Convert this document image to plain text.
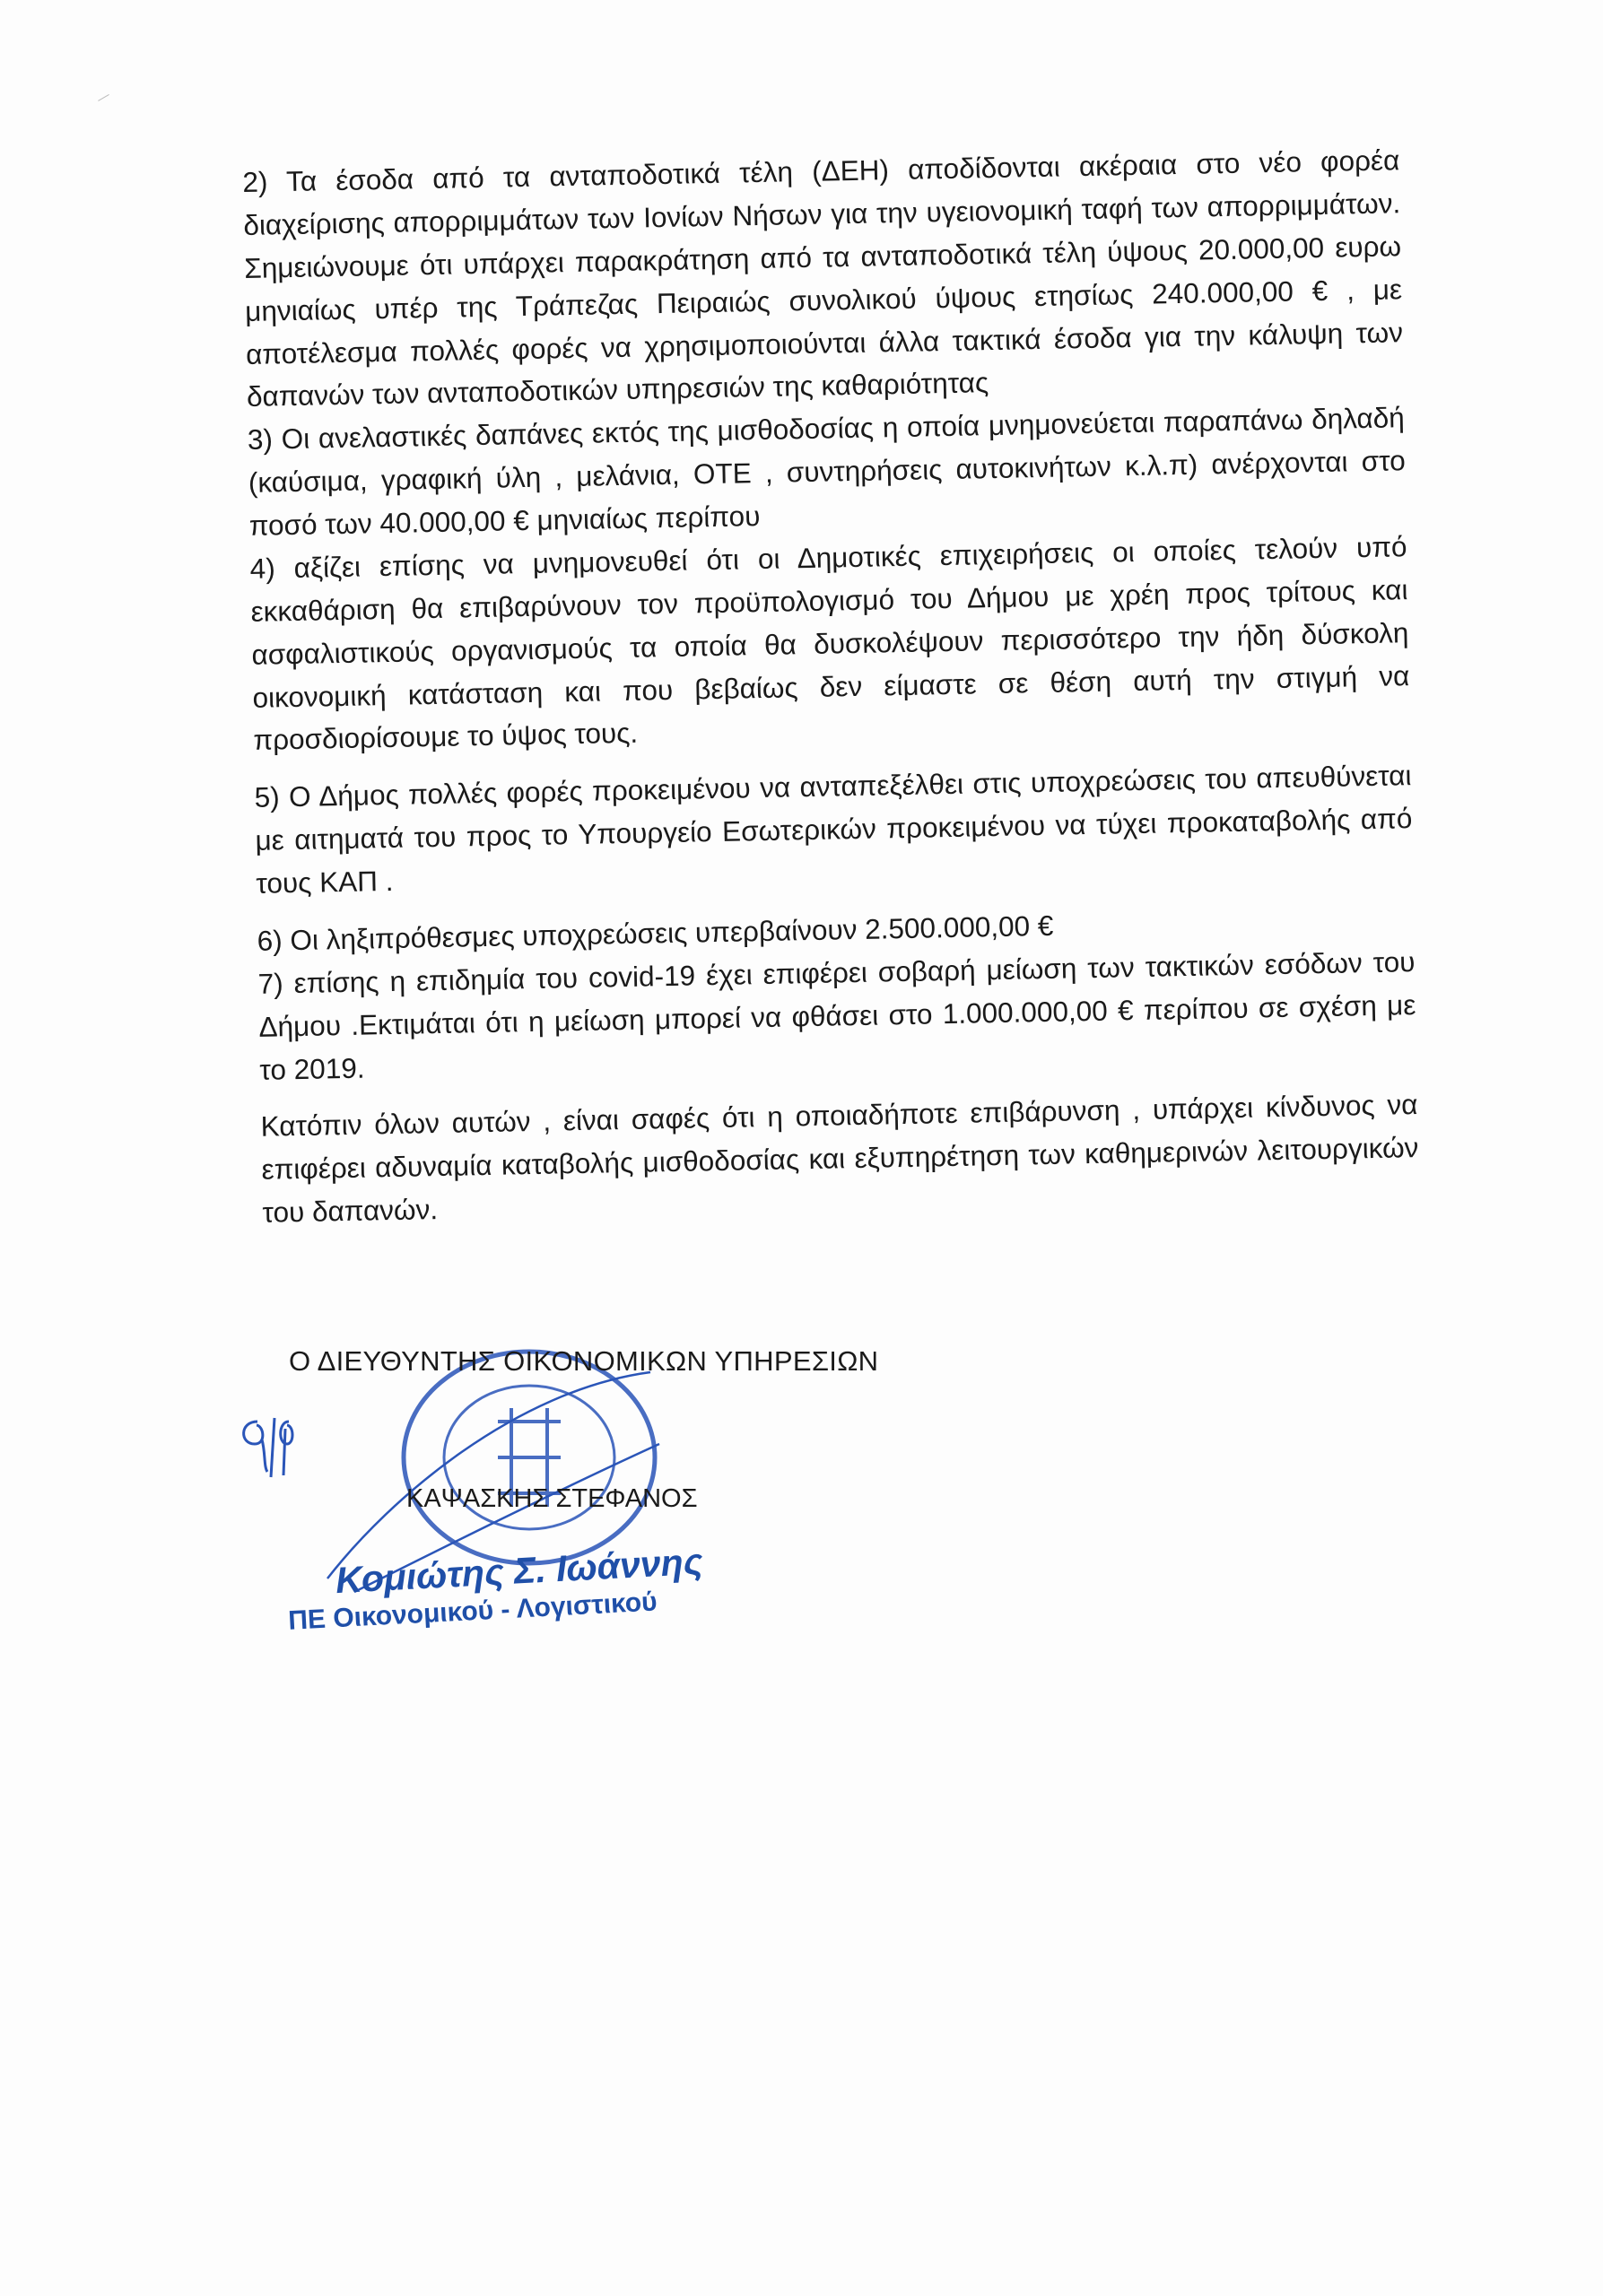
2) Τα έσοδα από τα ανταποδοτικά τέλη (ΔΕΗ) αποδίδονται ακέραια στο νέο φορέα διαχείρισης απορριμμάτων των Ιονίων Νήσων για την υγειονομική ταφή των απορριμμάτων. Σημειώνουμε ότι υπάρχει παρακράτηση από τα ανταποδοτικά τέλη ύψους 20.000,00 ευρω μηνιαίως υπέρ της Τράπεζας Πειραιώς συνολικού ύψους ετησίως 240.000,00 € , με αποτέλεσμα πολλές φορές να χρησιμοποιούνται άλλα τακτικά έσοδα για την κάλυψη των δαπανών των ανταποδοτικών υπηρεσιών της καθαριότητας

3) Οι ανελαστικές δαπάνες εκτός της μισθοδοσίας η οποία μνημονεύεται παραπάνω δηλαδή (καύσιμα, γραφική ύλη , μελάνια, ΟΤΕ , συντηρήσεις αυτοκινήτων κ.λ.π) ανέρχονται στο ποσό των 40.000,00 € μηνιαίως περίπου

4) αξίζει επίσης να μνημονευθεί ότι οι Δημοτικές επιχειρήσεις οι οποίες τελούν υπό εκκαθάριση θα επιβαρύνουν τον προϋπολογισμό του Δήμου με χρέη προς τρίτους και ασφαλιστικούς οργανισμούς τα οποία θα δυσκολέψουν περισσότερο την ήδη δύσκολη οικονομική κατάσταση και που βεβαίως δεν είμαστε σε θέση αυτή την στιγμή να προσδιορίσουμε το ύψος τους.

5) Ο Δήμος πολλές φορές προκειμένου να ανταπεξέλθει στις υποχρεώσεις του απευθύνεται με αιτηματά του προς το Υπουργείο Εσωτερικών προκειμένου να τύχει προκαταβολής από τους ΚΑΠ .

6) Οι ληξιπρόθεσμες υποχρεώσεις υπερβαίνουν 2.500.000,00 €

7) επίσης η επιδημία του covid-19 έχει επιφέρει σοβαρή μείωση των τακτικών εσόδων του Δήμου .Εκτιμάται ότι η μείωση μπορεί να φθάσει στο 1.000.000,00 € περίπου σε σχέση με το 2019.

Κατόπιν όλων αυτών , είναι σαφές ότι η οποιαδήποτε επιβάρυνση , υπάρχει κίνδυνος να επιφέρει αδυναμία καταβολής μισθοδοσίας και εξυπηρέτηση των καθημερινών λειτουργικών του δαπανών.

Ο ΔΙΕΥΘΥΝΤΗΣ ΟΙΚΟΝΟΜΙΚΩΝ ΥΠΗΡΕΣΙΩΝ
ΚΑΨΑΣΚΗΣ ΣΤΕΦΑΝΟΣ
Κομιώτης Σ. Ιωάννης
ΠΕ Οικονομικού - Λογιστικού
